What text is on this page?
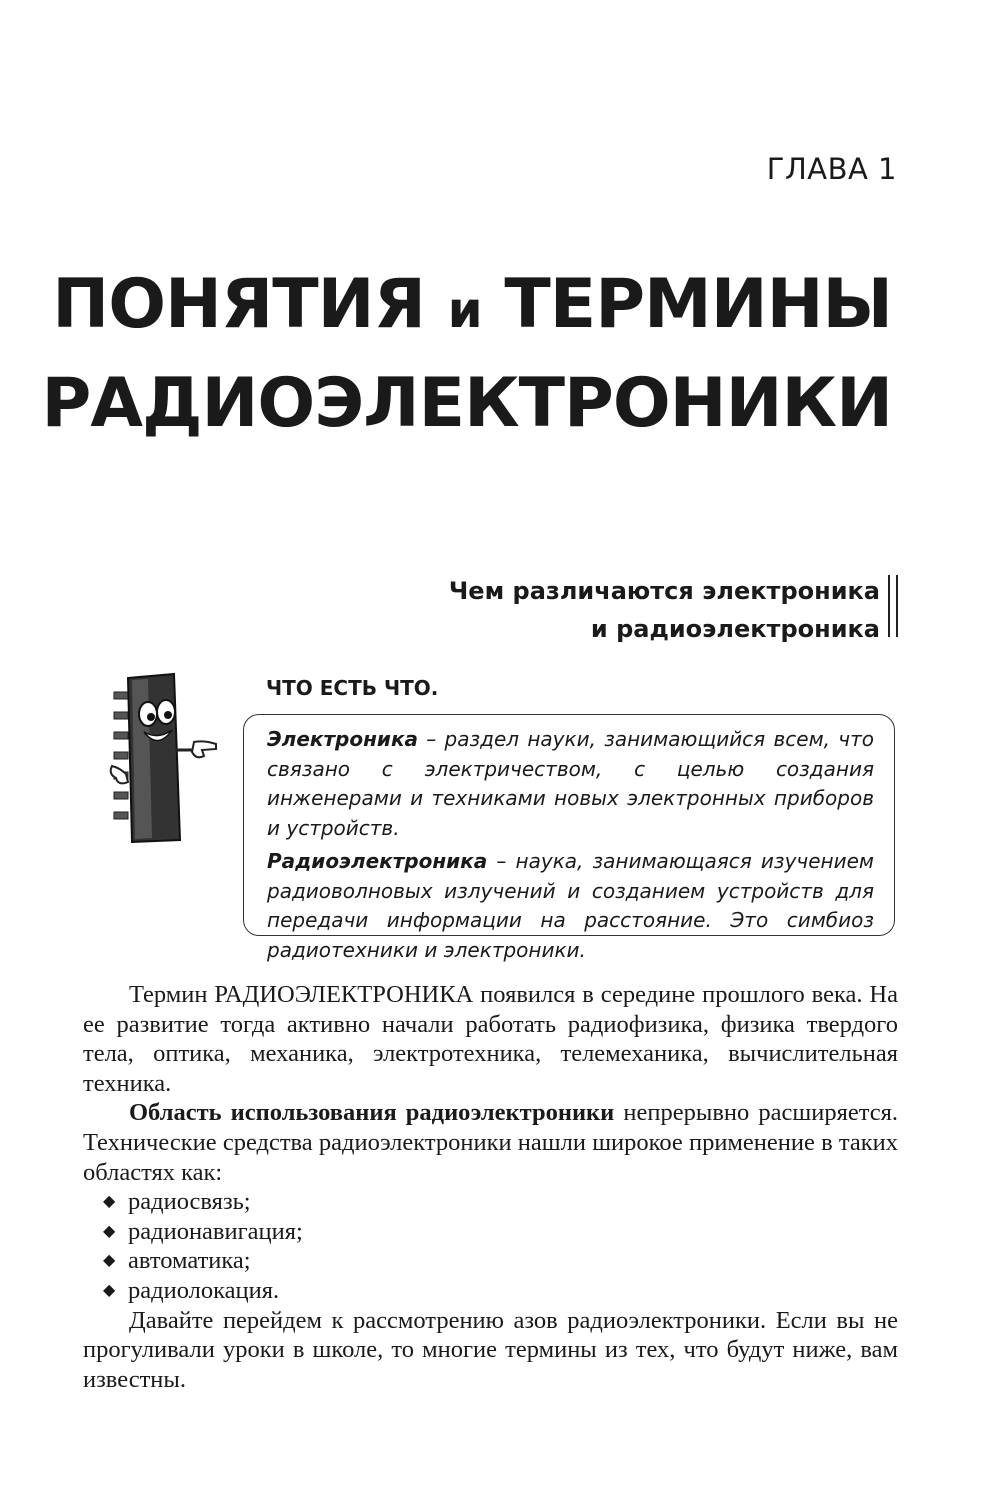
ГЛАВА 1
ПОНЯТИЯ и ТЕРМИНЫ
РАДИОЭЛЕКТРОНИКИ
Чем различаются электроника
и радиоэлектроника
ЧТО ЕСТЬ ЧТО.

Электроника – раздел науки, занимающийся всем, что связано с электричеством, с целью создания инженерами и техниками новых электронных приборов и устройств.

Радиоэлектроника – наука, занимающаяся изучением радиоволновых излучений и созданием устройств для передачи информации на расстояние. Это симбиоз радиотехники и электроники.

Термин РАДИОЭЛЕКТРОНИКА появился в середине прошлого века. На ее развитие тогда активно начали работать радиофизика, физика твердого тела, оптика, механика, электротехника, телемеханика, вычислительная техника.

Область использования радиоэлектроники непрерывно расширяется. Технические средства радиоэлектроники нашли широкое применение в таких областях как:

◆ радиосвязь;
◆ радионавигация;
◆ автоматика;
◆ радиолокация.

Давайте перейдем к рассмотрению азов радиоэлектроники. Если вы не прогуливали уроки в школе, то многие термины из тех, что будут ниже, вам известны.
